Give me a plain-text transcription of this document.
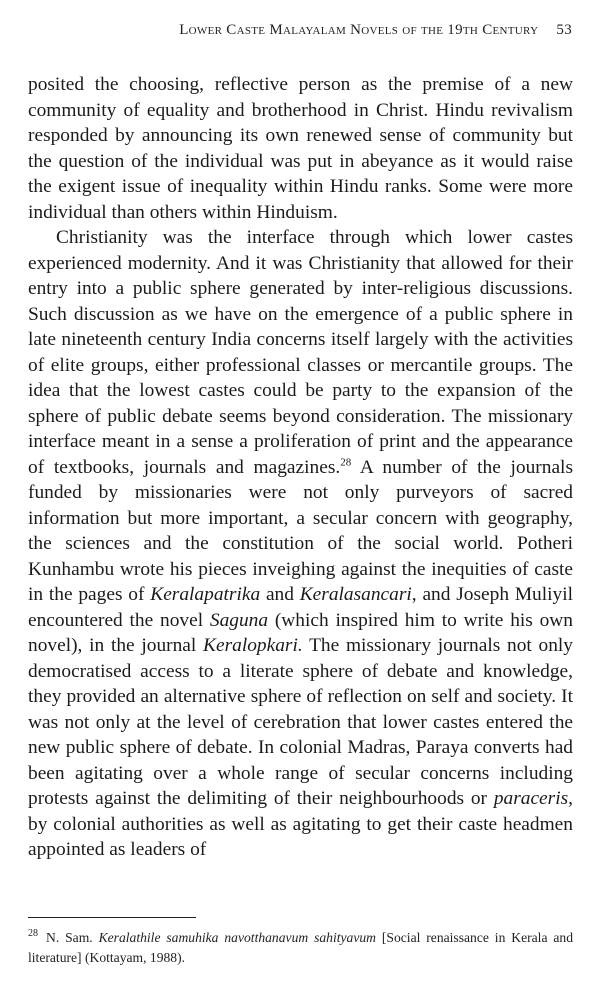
Lower Caste Malayalam Novels of the 19th Century 53

posited the choosing, reflective person as the premise of a new community of equality and brotherhood in Christ. Hindu revivalism responded by announcing its own renewed sense of community but the question of the individual was put in abeyance as it would raise the exigent issue of inequality within Hindu ranks. Some were more individual than others within Hinduism.

Christianity was the interface through which lower castes experienced modernity. And it was Christianity that allowed for their entry into a public sphere generated by inter-religious discussions. Such discussion as we have on the emergence of a public sphere in late nineteenth century India concerns itself largely with the activities of elite groups, either professional classes or mercantile groups. The idea that the lowest castes could be party to the expansion of the sphere of public debate seems beyond consideration. The missionary interface meant in a sense a proliferation of print and the appearance of textbooks, journals and magazines.$^{28}$ A number of the journals funded by missionaries were not only purveyors of sacred information but more important, a secular concern with geography, the sciences and the constitution of the social world. Potheri Kunhambu wrote his pieces inveighing against the inequities of caste in the pages of Keralapatrika and Keralasancari, and Joseph Muliyil encountered the novel Saguna (which inspired him to write his own novel), in the journal Keralopkari. The missionary journals not only democratised access to a literate sphere of debate and knowledge, they provided an alternative sphere of reflection on self and society. It was not only at the level of cerebration that lower castes entered the new public sphere of debate. In colonial Madras, Paraya converts had been agitating over a whole range of secular concerns including protests against the delimiting of their neighbourhoods or paraceris, by colonial authorities as well as agitating to get their caste headmen appointed as leaders of

$^{28}$ N. Sam. Keralathile samuhika navotthanavum sahityavum [Social renaissance in Kerala and literature] (Kottayam, 1988).
